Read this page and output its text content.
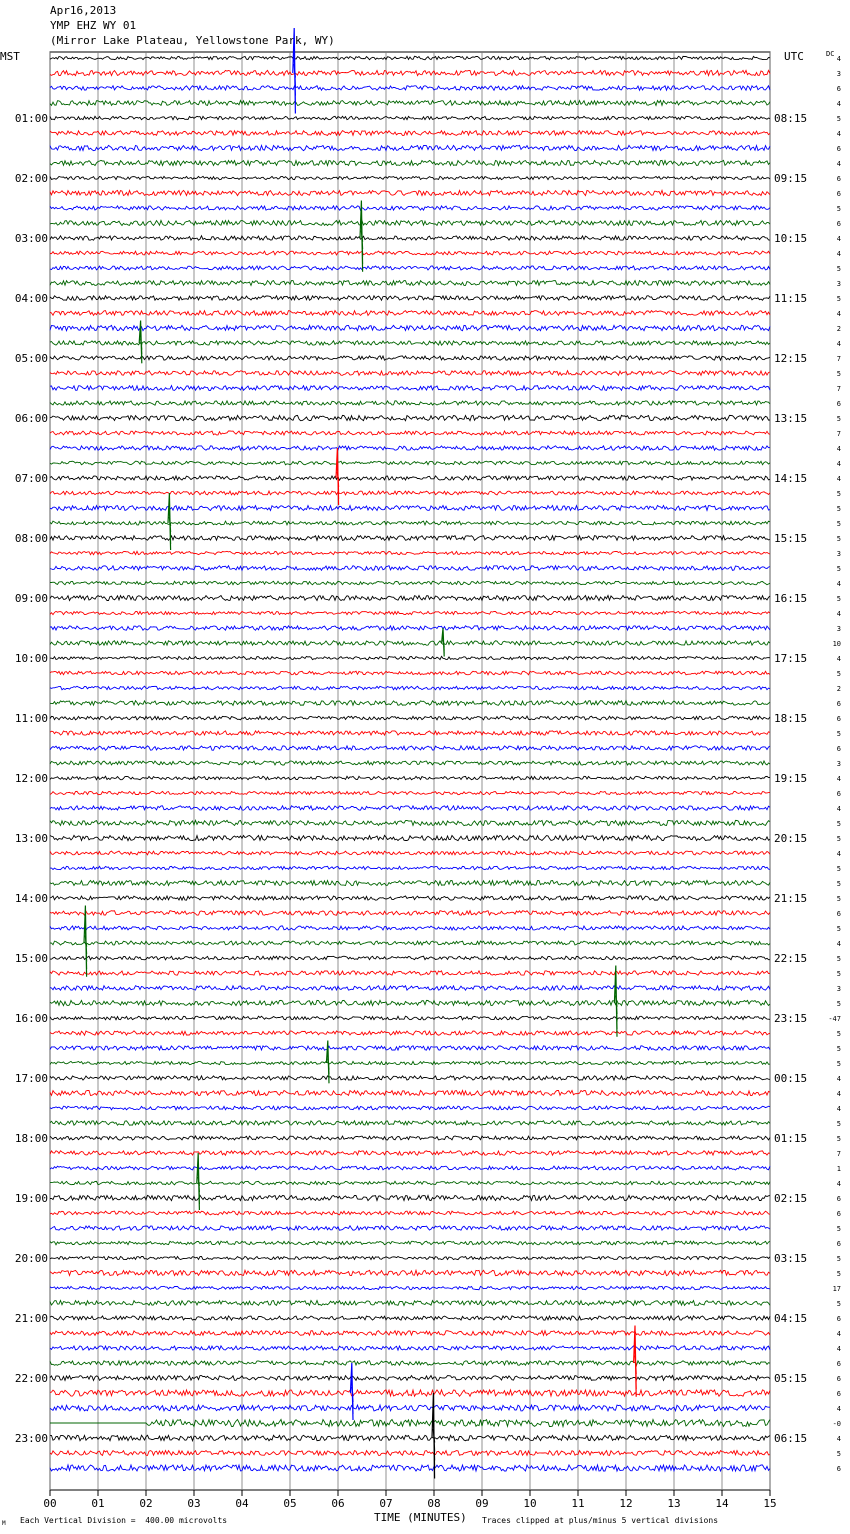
Apr16,2013
YMP EHZ WY 01
(Mirror Lake Plateau, Yellowstone Park, WY)
00	01	02	03	04	05	06	07	08	09	10	11	12	13	14	15
4
3
6
4
5
4
6
4
6
6
5
6
4
4
5
3
5
4
2
4
7
5
7
6
5
7
4
4
4
5
5
5
5
3
5
4
5
4
3
10
4
5
2
6
6
5
6
3
4
6
4
5
5
4
5
5
5
6
5
4
5
5
3
5
-47
5
5
5
4
4
4
5
5
7
1
4
6
6
5
6
5
5
17
5
6
4
4
6
6
6
4
-0
4
5
6
MST	UTC	DC
01:00
02:00
03:00
04:00
05:00
06:00
07:00
08:00
09:00
10:00
11:00
12:00
13:00
14:00
15:00
16:00
17:00
18:00
19:00
20:00
21:00
22:00
23:00
08:15
09:15
10:15
11:15
12:15
13:15
14:15
15:15
16:15
17:15
18:15
19:15
20:15
21:15
22:15
23:15
00:15
01:15
02:15
03:15
04:15
05:15
06:15
TIME (MINUTES)
M Each Vertical Division =  400.00 microvolts	Traces clipped at plus/minus 5 vertical divisions
